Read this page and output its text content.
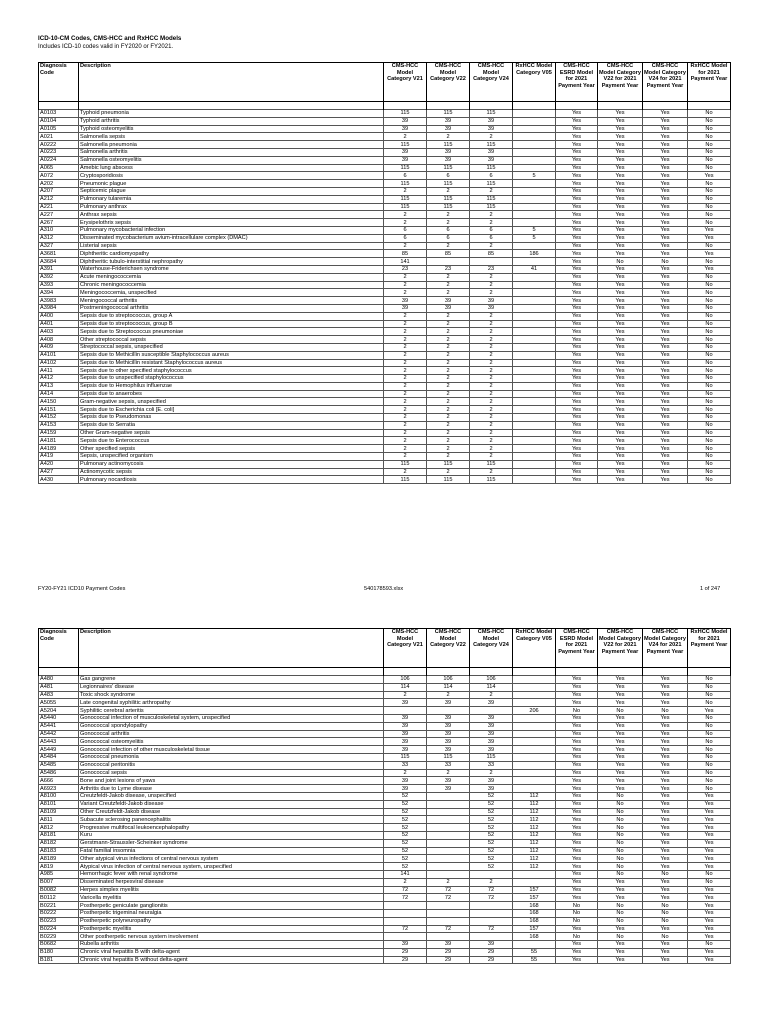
ICD-10-CM Codes, CMS-HCC and RxHCC Models
Includes ICD-10 codes valid in FY2020 or FY2021.
Diagnosis Code	Description	CMS-HCC Model Category V21	CMS-HCC Model Category V22	CMS-HCC Model Category V24	RxHCC Model Category V05	CMS-HCC ESRD Model for 2021 Payment Year	CMS-HCC Model Category V22 for 2021 Payment Year	CMS-HCC Model Category V24 for 2021 Payment Year	RxHCC Model for 2021 Payment Year

A0103	Typhoid pneumonia	115	115	115		Yes	Yes	Yes	No
A0104	Typhoid arthritis	39	39	39		Yes	Yes	Yes	No
A0105	Typhoid osteomyelitis	39	39	39		Yes	Yes	Yes	No
A021	Salmonella sepsis	2	2	2		Yes	Yes	Yes	No
A0222	Salmonella pneumonia	115	115	115		Yes	Yes	Yes	No
A0223	Salmonella arthritis	39	39	39		Yes	Yes	Yes	No
A0224	Salmonella osteomyelitis	39	39	39		Yes	Yes	Yes	No
A065	Amebic lung abscess	115	115	115		Yes	Yes	Yes	No
A072	Cryptosporidiosis	6	6	6	5	Yes	Yes	Yes	Yes
A202	Pneumonic plague	115	115	115		Yes	Yes	Yes	No
A207	Septicemic plague	2	2	2		Yes	Yes	Yes	No
A212	Pulmonary tularemia	115	115	115		Yes	Yes	Yes	No
A221	Pulmonary anthrax	115	115	115		Yes	Yes	Yes	No
A227	Anthrax sepsis	2	2	2		Yes	Yes	Yes	No
A267	Erysipelothrix sepsis	2	2	2		Yes	Yes	Yes	No
A310	Pulmonary mycobacterial infection	6	6	6	5	Yes	Yes	Yes	Yes
A312	Disseminated mycobacterium avium-intracellulare complex (DMAC)	6	6	6	5	Yes	Yes	Yes	Yes
A327	Listerial sepsis	2	2	2		Yes	Yes	Yes	No
A3681	Diphtheritic cardiomyopathy	85	85	85	186	Yes	Yes	Yes	Yes
A3684	Diphtheritic tubulo-interstitial nephropathy	141				Yes	No	No	No
A391	Waterhouse-Friderichsen syndrome	23	23	23	41	Yes	Yes	Yes	Yes
A392	Acute meningococcemia	2	2	2		Yes	Yes	Yes	No
A393	Chronic meningococcemia	2	2	2		Yes	Yes	Yes	No
A394	Meningococcemia, unspecified	2	2	2		Yes	Yes	Yes	No
A3983	Meningococcal arthritis	39	39	39		Yes	Yes	Yes	No
A3984	Postmeningococcal arthritis	39	39	39		Yes	Yes	Yes	No
A400	Sepsis due to streptococcus, group A	2	2	2		Yes	Yes	Yes	No
A401	Sepsis due to streptococcus, group B	2	2	2		Yes	Yes	Yes	No
A403	Sepsis due to Streptococcus pneumoniae	2	2	2		Yes	Yes	Yes	No
A408	Other streptococcal sepsis	2	2	2		Yes	Yes	Yes	No
A409	Streptococcal sepsis, unspecified	2	2	2		Yes	Yes	Yes	No
A4101	Sepsis due to Methicillin susceptible Staphylococcus aureus	2	2	2		Yes	Yes	Yes	No
A4102	Sepsis due to Methicillin resistant Staphylococcus aureus	2	2	2		Yes	Yes	Yes	No
A411	Sepsis due to other specified staphylococcus	2	2	2		Yes	Yes	Yes	No
A412	Sepsis due to unspecified staphylococcus	2	2	2		Yes	Yes	Yes	No
A413	Sepsis due to Hemophilus influenzae	2	2	2		Yes	Yes	Yes	No
A414	Sepsis due to anaerobes	2	2	2		Yes	Yes	Yes	No
A4150	Gram-negative sepsis, unspecified	2	2	2		Yes	Yes	Yes	No
A4151	Sepsis due to Escherichia coli [E. coli]	2	2	2		Yes	Yes	Yes	No
A4152	Sepsis due to Pseudomonas	2	2	2		Yes	Yes	Yes	No
A4153	Sepsis due to Serratia	2	2	2		Yes	Yes	Yes	No
A4159	Other Gram-negative sepsis	2	2	2		Yes	Yes	Yes	No
A4181	Sepsis due to Enterococcus	2	2	2		Yes	Yes	Yes	No
A4189	Other specified sepsis	2	2	2		Yes	Yes	Yes	No
A419	Sepsis, unspecified organism	2	2	2		Yes	Yes	Yes	No
A420	Pulmonary actinomycosis	115	115	115		Yes	Yes	Yes	No
A427	Actinomycotic sepsis	2	2	2		Yes	Yes	Yes	No
A430	Pulmonary nocardiosis	115	115	115		Yes	Yes	Yes	No
FY20-FY21 ICD10 Payment Codes	540178593.xlsx	1 of 247
Diagnosis Code	Description	CMS-HCC Model Category V21	CMS-HCC Model Category V22	CMS-HCC Model Category V24	RxHCC Model Category V05	CMS-HCC ESRD Model for 2021 Payment Year	CMS-HCC Model Category V22 for 2021 Payment Year	CMS-HCC Model Category V24 for 2021 Payment Year	RxHCC Model for 2021 Payment Year

A480	Gas gangrene	106	106	106		Yes	Yes	Yes	No
A481	Legionnaires' disease	114	114	114		Yes	Yes	Yes	No
A483	Toxic shock syndrome	2	2	2		Yes	Yes	Yes	No
A5055	Late congenital syphilitic arthropathy	39	39	39		Yes	Yes	Yes	No
A5204	Syphilitic cerebral arteritis				206	No	No	No	Yes
A5440	Gonococcal infection of musculoskeletal system, unspecified	39	39	39		Yes	Yes	Yes	No
A5441	Gonococcal spondylopathy	39	39	39		Yes	Yes	Yes	No
A5442	Gonococcal arthritis	39	39	39		Yes	Yes	Yes	No
A5443	Gonococcal osteomyelitis	39	39	39		Yes	Yes	Yes	No
A5449	Gonococcal infection of other musculoskeletal tissue	39	39	39		Yes	Yes	Yes	No
A5484	Gonococcal pneumonia	115	115	115		Yes	Yes	Yes	No
A5485	Gonococcal peritonitis	33	33	33		Yes	Yes	Yes	No
A5486	Gonococcal sepsis	2	2	2		Yes	Yes	Yes	No
A666	Bone and joint lesions of yaws	39	39	39		Yes	Yes	Yes	No
A6923	Arthritis due to Lyme disease	39	39	39		Yes	Yes	Yes	No
A8100	Creutzfeldt-Jakob disease, unspecified	52		52	112	Yes	No	Yes	Yes
A8101	Variant Creutzfeldt-Jakob disease	52		52	112	Yes	No	Yes	Yes
A8109	Other Creutzfeldt-Jakob disease	52		52	112	Yes	No	Yes	Yes
A811	Subacute sclerosing panencephalitis	52		52	112	Yes	No	Yes	Yes
A812	Progressive multifocal leukoencephalopathy	52		52	112	Yes	No	Yes	Yes
A8181	Kuru	52		52	112	Yes	No	Yes	Yes
A8182	Gerstmann-Straussler-Scheinker syndrome	52		52	112	Yes	No	Yes	Yes
A8183	Fatal familial insomnia	52		52	112	Yes	No	Yes	Yes
A8189	Other atypical virus infections of central nervous system	52		52	112	Yes	No	Yes	Yes
A819	Atypical virus infection of central nervous system, unspecified	52		52	112	Yes	No	Yes	Yes
A985	Hemorrhagic fever with renal syndrome	141				Yes	No	No	No
B007	Disseminated herpesviral disease	2	2	2		Yes	Yes	Yes	No
B0082	Herpes simplex myelitis	72	72	72	157	Yes	Yes	Yes	Yes
B0112	Varicella myelitis	72	72	72	157	Yes	Yes	Yes	Yes
B0221	Postherpetic geniculate ganglionitis				168	No	No	No	Yes
B0222	Postherpetic trigeminal neuralgia				168	No	No	No	Yes
B0223	Postherpetic polyneuropathy				168	No	No	No	Yes
B0224	Postherpetic myelitis	72	72	72	157	Yes	Yes	Yes	Yes
B0229	Other postherpetic nervous system involvement				168	No	No	No	Yes
B0682	Rubella arthritis	39	39	39		Yes	Yes	Yes	No
B180	Chronic viral hepatitis B with delta-agent	29	29	29	55	Yes	Yes	Yes	Yes
B181	Chronic viral hepatitis B without delta-agent	29	29	29	55	Yes	Yes	Yes	Yes
